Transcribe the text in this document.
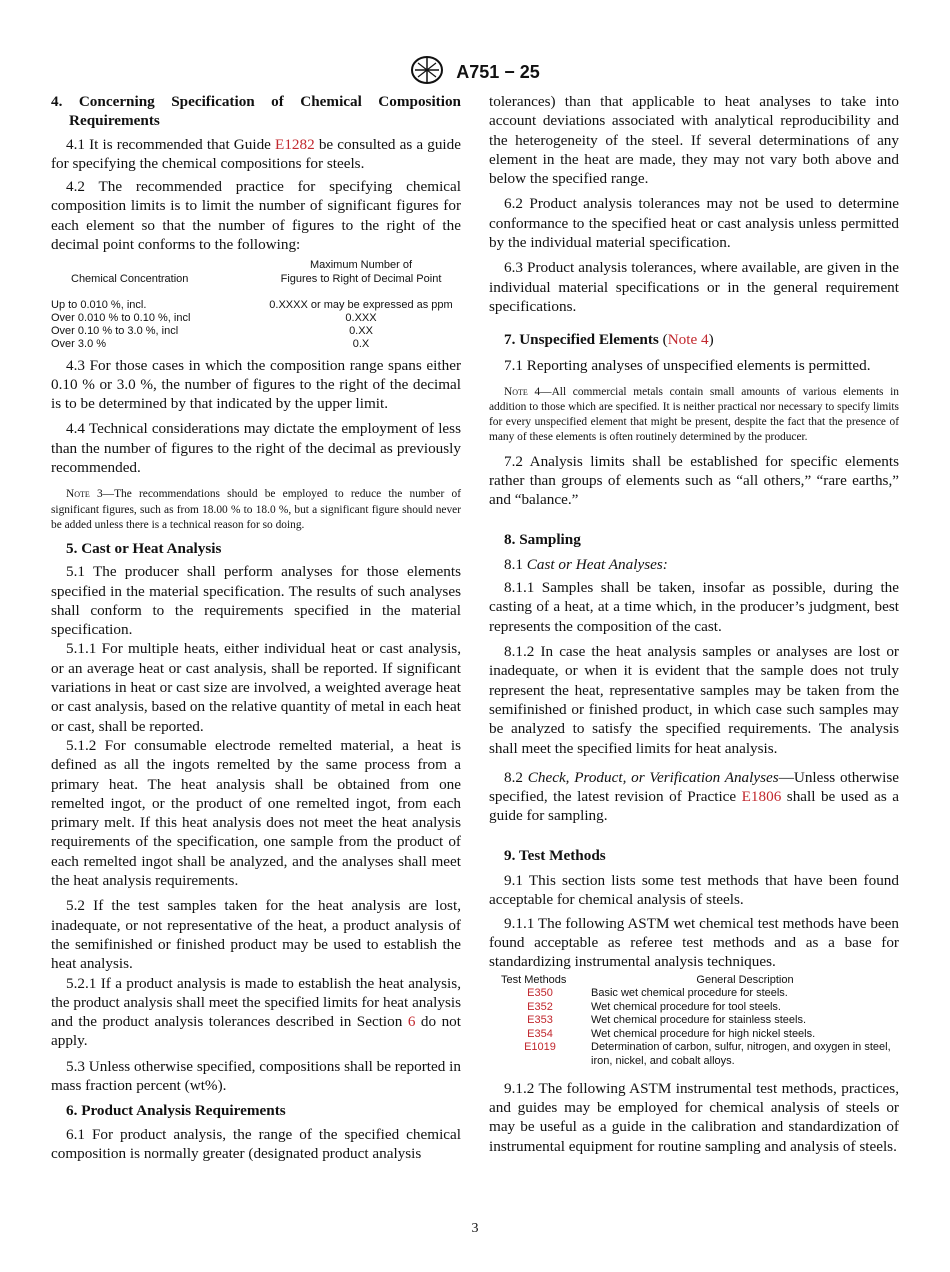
A751 − 25

4. Concerning Specification of Chemical Composition Requirements

4.1 It is recommended that Guide E1282 be consulted as a guide for specifying the chemical compositions for steels.

4.2 The recommended practice for specifying chemical composition limits is to limit the number of significant figures for each element so that the number of figures to the right of the decimal point conforms to the following:

Chemical Concentration	Maximum Number of
Figures to Right of Decimal Point

Up to 0.010 %, incl.	0.XXXX or may be expressed as ppm
Over 0.010 % to 0.10 %, incl	0.XXX
Over 0.10 % to 3.0 %, incl	0.XX
Over 3.0 %	0.X

4.3 For those cases in which the composition range spans either 0.10 % or 3.0 %, the number of figures to the right of the decimal is to be determined by that indicated by the upper limit.

4.4 Technical considerations may dictate the employment of less than the number of figures to the right of the decimal as previously recommended.

Note 3—The recommendations should be employed to reduce the number of significant figures, such as from 18.00 % to 18.0 %, but a significant figure should never be added unless there is a technical reason for so doing.

5. Cast or Heat Analysis

5.1 The producer shall perform analyses for those elements specified in the material specification. The results of such analyses shall conform to the requirements specified in the material specification.

5.1.1 For multiple heats, either individual heat or cast analysis, or an average heat or cast analysis, shall be reported. If significant variations in heat or cast size are involved, a weighted average heat or cast analysis, based on the relative quantity of metal in each heat or cast, shall be reported.

5.1.2 For consumable electrode remelted material, a heat is defined as all the ingots remelted by the same process from a primary heat. The heat analysis shall be obtained from one remelted ingot, or the product of one remelted ingot, from each primary melt. If this heat analysis does not meet the heat analysis requirements of the specification, one sample from the product of each remelted ingot shall be analyzed, and the analyses shall meet the heat analysis requirements.

5.2 If the test samples taken for the heat analysis are lost, inadequate, or not representative of the heat, a product analysis of the semifinished or finished product may be used to establish the heat analysis.

5.2.1 If a product analysis is made to establish the heat analysis, the product analysis shall meet the specified limits for heat analysis and the product analysis tolerances described in Section 6 do not apply.

5.3 Unless otherwise specified, compositions shall be reported in mass fraction percent (wt%).

6. Product Analysis Requirements

6.1 For product analysis, the range of the specified chemical composition is normally greater (designated product analysis

tolerances) than that applicable to heat analyses to take into account deviations associated with analytical reproducibility and the heterogeneity of the steel. If several determinations of any element in the heat are made, they may not vary both above and below the specified range.

6.2 Product analysis tolerances may not be used to determine conformance to the specified heat or cast analysis unless permitted by the individual material specification.

6.3 Product analysis tolerances, where available, are given in the individual material specifications or in the general requirement specifications.

7. Unspecified Elements (Note 4)

7.1 Reporting analyses of unspecified elements is permitted.

Note 4—All commercial metals contain small amounts of various elements in addition to those which are specified. It is neither practical nor necessary to specify limits for every unspecified element that might be present, despite the fact that the presence of many of these elements is often routinely determined by the producer.

7.2 Analysis limits shall be established for specific elements rather than groups of elements such as “all others,” “rare earths,” and “balance.”

8. Sampling

8.1 Cast or Heat Analyses:

8.1.1 Samples shall be taken, insofar as possible, during the casting of a heat, at a time which, in the producer’s judgment, best represents the composition of the cast.

8.1.2 In case the heat analysis samples or analyses are lost or inadequate, or when it is evident that the sample does not truly represent the heat, representative samples may be taken from the semifinished or finished product, in which case such samples may be analyzed to satisfy the specified requirements. The analysis shall meet the specified limits for heat analysis.

8.2 Check, Product, or Verification Analyses—Unless otherwise specified, the latest revision of Practice E1806 shall be used as a guide for sampling.

9. Test Methods

9.1 This section lists some test methods that have been found acceptable for chemical analysis of steels.

9.1.1 The following ASTM wet chemical test methods have been found acceptable as referee test methods and as a base for standardizing instrumental analysis techniques.

Test Methods	General Description
E350	Basic wet chemical procedure for steels.
E352	Wet chemical procedure for tool steels.
E353	Wet chemical procedure for stainless steels.
E354	Wet chemical procedure for high nickel steels.
E1019	Determination of carbon, sulfur, nitrogen, and oxygen in steel, iron, nickel, and cobalt alloys.

9.1.2 The following ASTM instrumental test methods, practices, and guides may be employed for chemical analysis of steels or may be useful as a guide in the calibration and standardization of instrumental equipment for routine sampling and analysis of steels.

3
